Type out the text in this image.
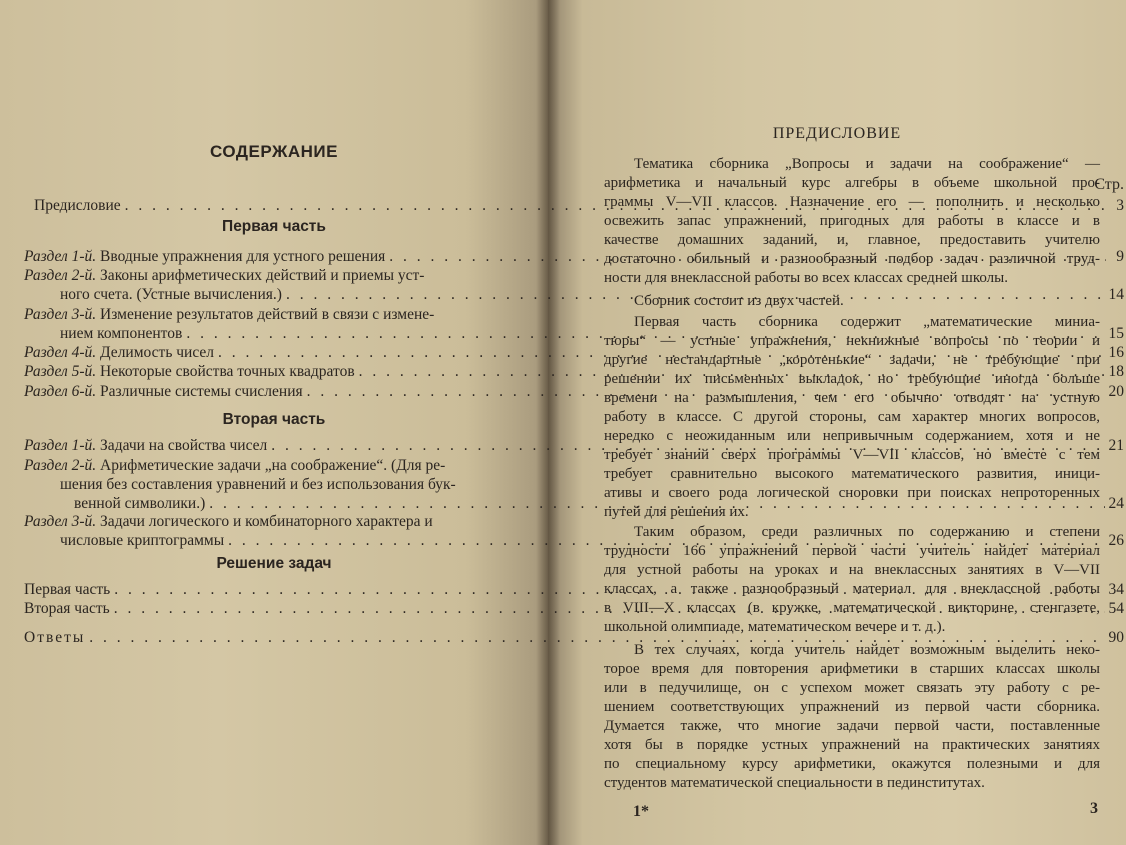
СОДЕРЖАНИЕ
Стр.
Предисловие . . .	3
Первая часть
Раздел 1-й. Вводные упражнения для устного решения . . .	9
Раздел 2-й. Законы арифметических действий и приемы уст-
ного счета. (Устные вычисления.) . . .	14
Раздел 3-й. Изменение результатов действий в связи с измене-
нием компонентов . . .	15
Раздел 4-й. Делимость чисел . . .	16
Раздел 5-й. Некоторые свойства точных квадратов . . .	18
Раздел 6-й. Различные системы счисления . . .	20
Вторая часть
Раздел 1-й. Задачи на свойства чисел . . .	21
Раздел 2-й. Арифметические задачи „на соображение“. (Для ре-
шения без составления уравнений и без использования бук-
венной символики.) . . .	24
Раздел 3-й. Задачи логического и комбинаторного характера и
числовые криптограммы . . .	26
Решение задач
Первая часть . . .	34
Вторая часть . . .	54
Ответы . . .	90
ПРЕДИСЛОВИЕ
Тематика сборника „Вопросы и задачи на соображение“ —
арифметика и начальный курс алгебры в объеме школьной про-
граммы V—VII классов. Назначение его — пополнить и несколько
освежить запас упражнений, пригодных для работы в классе и в
качестве домашних заданий, и, главное, предоставить учителю
достаточно обильный и разнообразный подбор задач различной труд-
ности для внеклассной работы во всех классах средней школы.
Сборник состоит из двух частей.
Первая часть сборника содержит „математические миниа-
тюры“ — устные упражнения, некнижные вопросы по теории и
другие нестандартные „коротенькие“ задачи, не требующие при
решении их письменных выкладок, но требующие иногда больше
времени на размышления, чем его обычно отводят на устную
работу в классе. С другой стороны, сам характер многих вопросов,
нередко с неожиданным или непривычным содержанием, хотя и не
требует знаний сверх программы V—VII классов, но вместе с тем
требует сравнительно высокого математического развития, иници-
ативы и своего рода логической сноровки при поисках непроторенных
путей для решения их.
Таким образом, среди различных по содержанию и степени
трудности 166 упражнений первой части учитель найдет материал
для устной работы на уроках и на внеклассных занятиях в V—VII
классах, а также разнообразный материал для внеклассной работы
в VIII—X классах (в кружке, математической викторине, стенгазете,
школьной олимпиаде, математическом вечере и т. д.).
В тех случаях, когда учитель найдет возможным выделить неко-
торое время для повторения арифметики в старших классах школы
или в педучилище, он с успехом может связать эту работу с ре-
шением соответствующих упражнений из первой части сборника.
Думается также, что многие задачи первой части, поставленные
хотя бы в порядке устных упражнений на практических занятиях
по специальному курсу арифметики, окажутся полезными и для
студентов математической специальности в пединститутах.
1*	3
